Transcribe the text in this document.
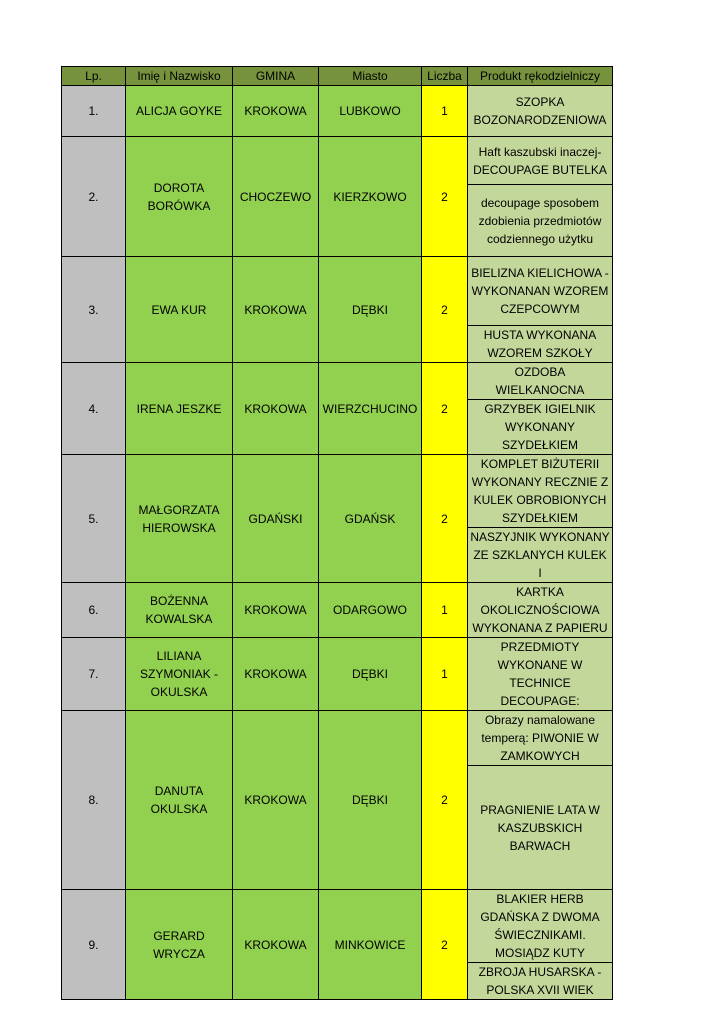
Lp.	Imię i Nazwisko	GMINA	Miasto	Liczba	Produkt rękodzielniczy
1.	ALICJA GOYKE	KROKOWA	LUBKOWO	1	SZOPKA BOZONARODZENIOWA
2.	DOROTA BORÓWKA	CHOCZEWO	KIERZKOWO	2	Haft kaszubski inaczej- DECOUPAGE BUTELKA
					decoupage sposobem zdobienia przedmiotów codziennego użytku
3.	EWA KUR	KROKOWA	DĘBKI	2	BIELIZNA KIELICHOWA - WYKONANAN WZOREM CZEPCOWYM
					HUSTA WYKONANA WZOREM SZKOŁY
4.	IRENA JESZKE	KROKOWA	WIERZCHUCINO	2	OZDOBA WIELKANOCNA
					GRZYBEK IGIELNIK WYKONANY SZYDEŁKIEM
5.	MAŁGORZATA HIEROWSKA	GDAŃSKI	GDAŃSK	2	KOMPLET BIŻUTERII WYKONANY RECZNIE Z KULEK OBROBIONYCH SZYDEŁKIEM
					NASZYJNIK WYKONANY ZE SZKLANYCH KULEK I
6.	BOŻENNA KOWALSKA	KROKOWA	ODARGOWO	1	KARTKA OKOLICZNOŚCIOWA WYKONANA Z PAPIERU
7.	LILIANA SZYMONIAK - OKULSKA	KROKOWA	DĘBKI	1	PRZEDMIOTY WYKONANE W TECHNICE DECOUPAGE:
8.	DANUTA OKULSKA	KROKOWA	DĘBKI	2	Obrazy namalowane temperą: PIWONIE W ZAMKOWYCH
					PRAGNIENIE LATA W KASZUBSKICH BARWACH
9.	GERARD WRYCZA	KROKOWA	MINKOWICE	2	BLAKIER HERB GDAŃSKA Z DWOMA ŚWIECZNIKAMI. MOSIĄDZ KUTY
					ZBROJA HUSARSKA - POLSKA XVII WIEK
